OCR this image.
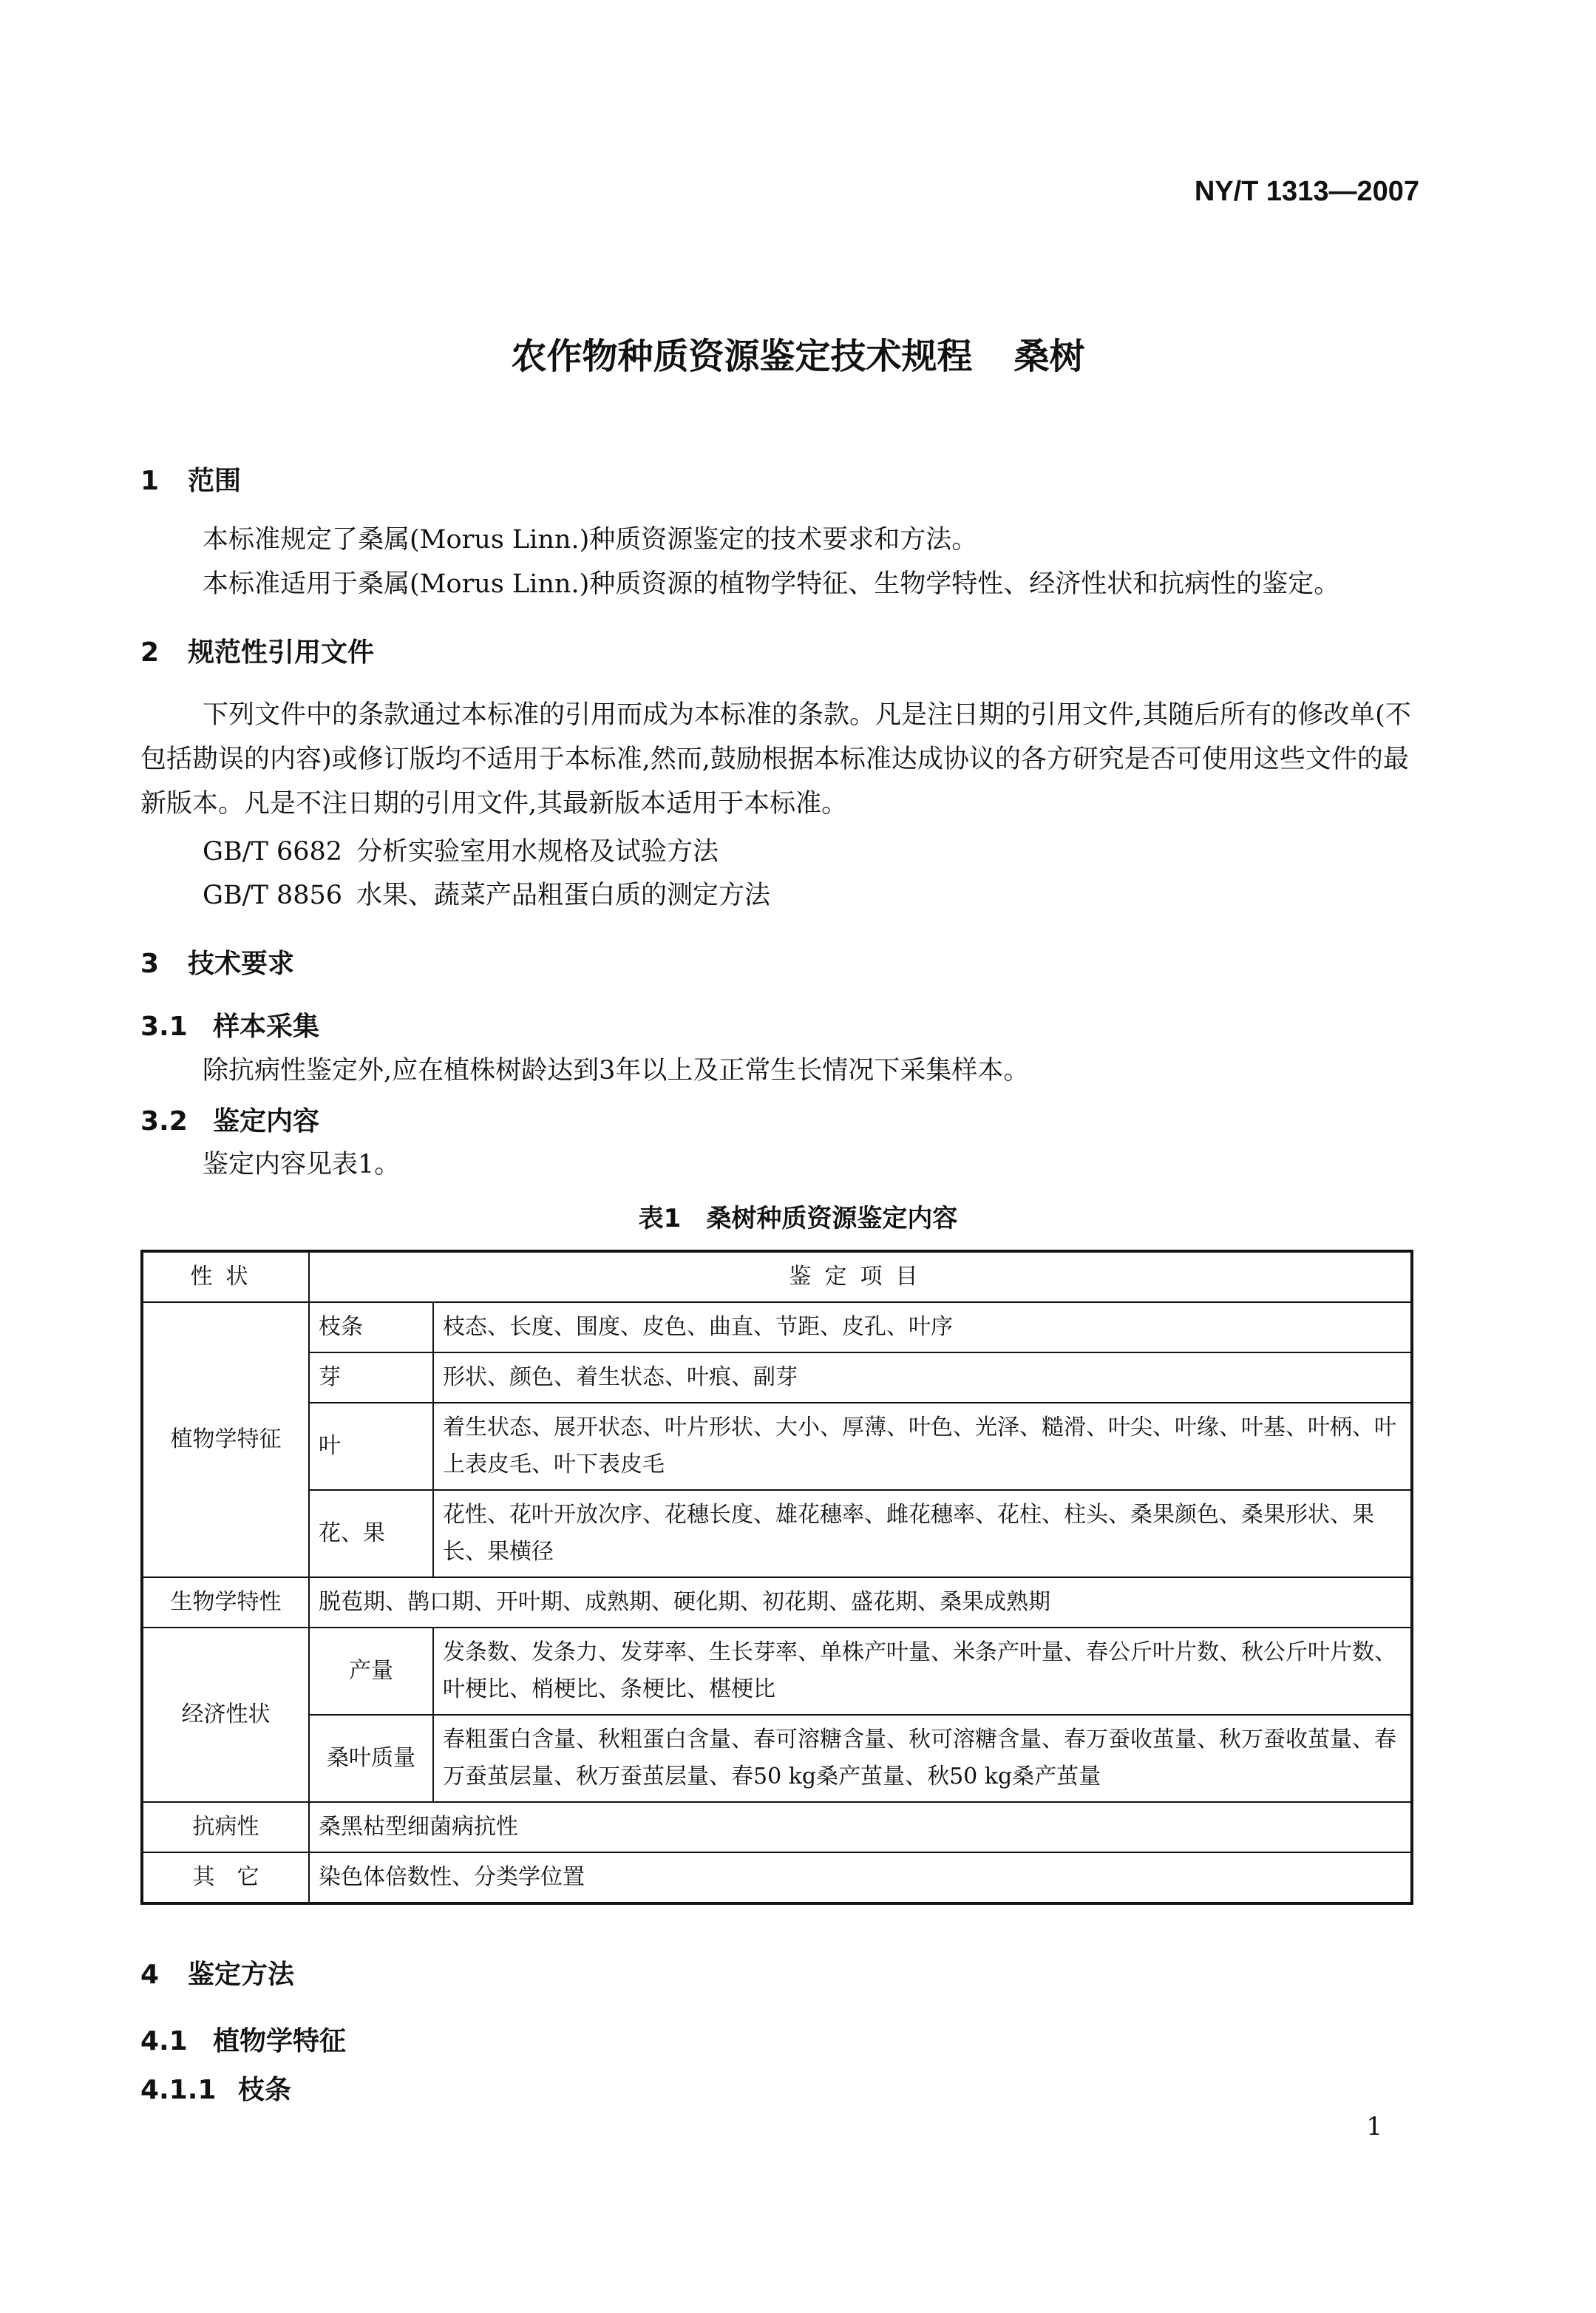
NY/T 1313—2007

农作物种质资源鉴定技术规程 桑树
1 范围

本标准规定了桑属(Morus Linn.)种质资源鉴定的技术要求和方法。

本标准适用于桑属(Morus Linn.)种质资源的植物学特征、生物学特性、经济性状和抗病性的鉴定。

2 规范性引用文件

下列文件中的条款通过本标准的引用而成为本标准的条款。凡是注日期的引用文件,其随后所有的修改单(不包括勘误的内容)或修订版均不适用于本标准,然而,鼓励根据本标准达成协议的各方研究是否可使用这些文件的最新版本。凡是不注日期的引用文件,其最新版本适用于本标准。

GB/T 6682 分析实验室用水规格及试验方法

GB/T 8856 水果、蔬菜产品粗蛋白质的测定方法

3 技术要求
3.1 样本采集

除抗病性鉴定外,应在植株树龄达到3年以上及正常生长情况下采集样本。

3.2 鉴定内容

鉴定内容见表1。

表1　桑树种质资源鉴定内容

性状	鉴定项目	
植物学特征	枝条	枝态、长度、围度、皮色、曲直、节距、皮孔、叶序
	芽	形状、颜色、着生状态、叶痕、副芽
	叶	着生状态、展开状态、叶片形状、大小、厚薄、叶色、光泽、糙滑、叶尖、叶缘、叶基、叶柄、叶上表皮毛、叶下表皮毛
	花、果	花性、花叶开放次序、花穗长度、雄花穗率、雌花穗率、花柱、柱头、桑果颜色、桑果形状、果长、果横径
生物学特性	脱苞期、鹊口期、开叶期、成熟期、硬化期、初花期、盛花期、桑果成熟期	
经济性状	产量	发条数、发条力、发芽率、生长芽率、单株产叶量、米条产叶量、春公斤叶片数、秋公斤叶片数、叶梗比、梢梗比、条梗比、椹梗比
	桑叶质量	春粗蛋白含量、秋粗蛋白含量、春可溶糖含量、秋可溶糖含量、春万蚕收茧量、秋万蚕收茧量、春万蚕茧层量、秋万蚕茧层量、春50 kg桑产茧量、秋50 kg桑产茧量
抗病性	桑黑枯型细菌病抗性	
其　它	染色体倍数性、分类学位置	
4 鉴定方法
4.1 植物学特征
4.1.1 枝条

1
